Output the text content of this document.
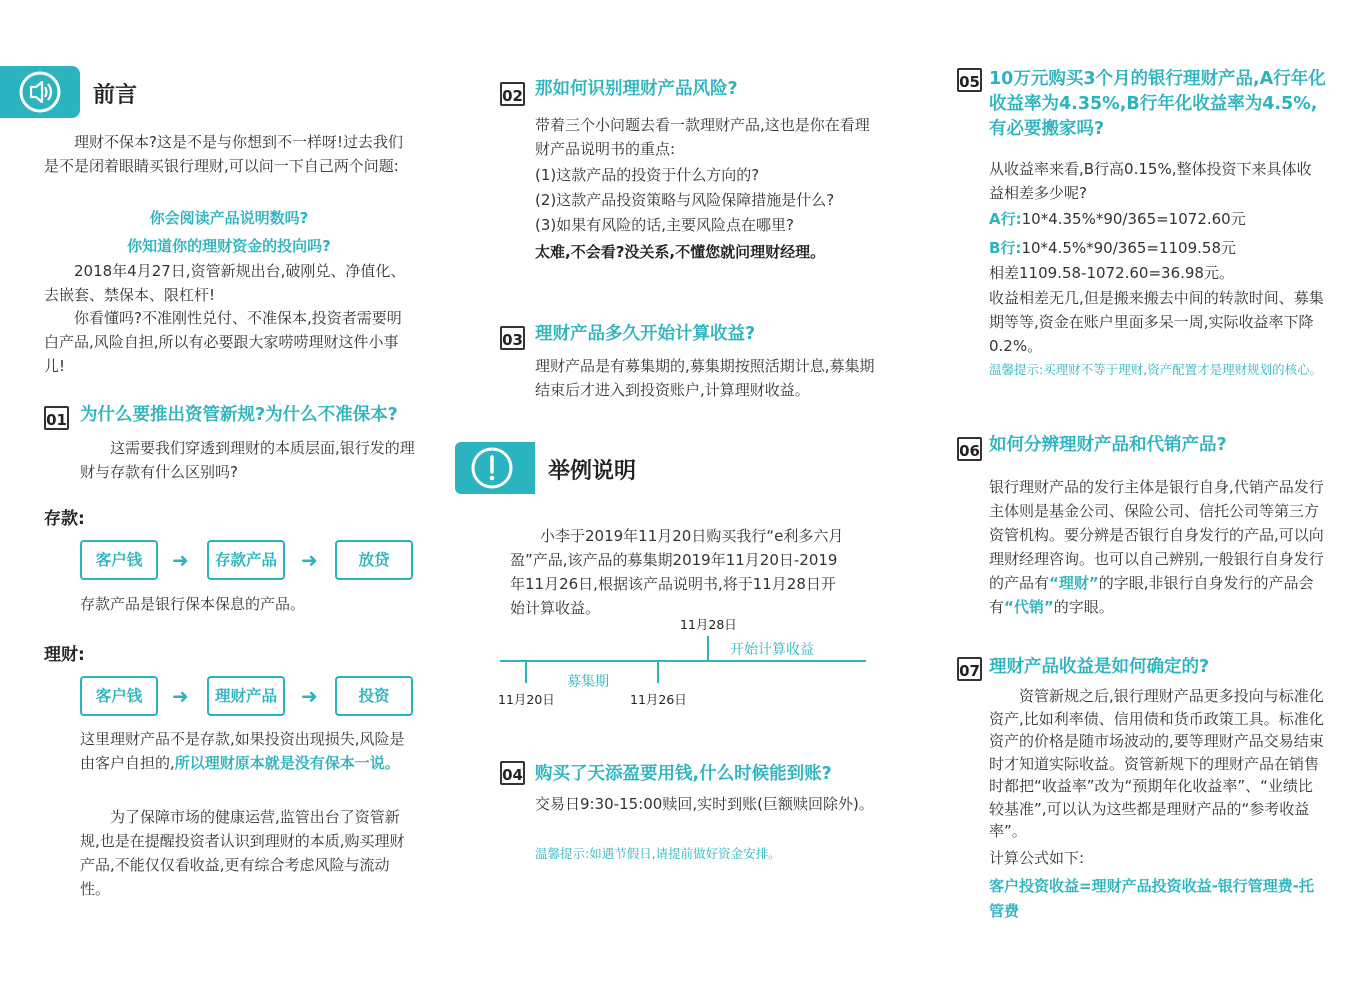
前言

理财不保本?这是不是与你想到不一样呀!过去我们是不是闭着眼睛买银行理财,可以问一下自己两个问题:

你会阅读产品说明数吗?

你知道你的理财资金的投向吗?

2018年4月27日,资管新规出台,破刚兑、净值化、去嵌套、禁保本、限杠杆!

你看懂吗?不准刚性兑付、不准保本,投资者需要明白产品,风险自担,所以有必要跟大家唠唠理财这件小事儿!

01 为什么要推出资管新规?为什么不准保本?

这需要我们穿透到理财的本质层面,银行发的理财与存款有什么区别吗?

存款:
客户钱	➜	存款产品	➜	放贷

存款产品是银行保本保息的产品。

理财:
客户钱	➜	理财产品	➜	投资

这里理财产品不是存款,如果投资出现损失,风险是由客户自担的,所以理财原本就是没有保本一说。

为了保障市场的健康运营,监管出台了资管新规,也是在提醒投资者认识到理财的本质,购买理财产品,不能仅仅看收益,更有综合考虑风险与流动性。

02 那如何识别理财产品风险?

带着三个小问题去看一款理财产品,这也是你在看理财产品说明书的重点:

(1)这款产品的投资于什么方向的?

(2)这款产品投资策略与风险保障措施是什么?

(3)如果有风险的话,主要风险点在哪里?

太难,不会看?没关系,不懂您就问理财经理。

03 理财产品多久开始计算收益?

理财产品是有募集期的,募集期按照活期计息,募集期结束后才进入到投资账户,计算理财收益。

举例说明

小李于2019年11月20日购买我行“e利多六月盈”产品,该产品的募集期2019年11月20日-2019年11月26日,根据该产品说明书,将于11月28日开始计算收益。

11月28日
开始计算收益
募集期
11月20日	11月26日
04 购买了天添盈要用钱,什么时候能到账?

交易日9:30-15:00赎回,实时到账(巨额赎回除外)。

温馨提示:如遇节假日,请提前做好资金安排。

05 10万元购买3个月的银行理财产品,A行年化收益率为4.35%,B行年化收益率为4.5%,有必要搬家吗?

从收益率来看,B行高0.15%,整体投资下来具体收益相差多少呢?

A行:10*4.35%*90/365=1072.60元

B行:10*4.5%*90/365=1109.58元

相差1109.58-1072.60=36.98元。

收益相差无几,但是搬来搬去中间的转款时间、募集期等等,资金在账户里面多呆一周,实际收益率下降0.2%。

温馨提示:买理财不等于理财,资产配置才是理财规划的核心。

06 如何分辨理财产品和代销产品?

银行理财产品的发行主体是银行自身,代销产品发行主体则是基金公司、保险公司、信托公司等第三方资管机构。要分辨是否银行自身发行的产品,可以向理财经理咨询。也可以自己辨别,一般银行自身发行的产品有“理财”的字眼,非银行自身发行的产品会有“代销”的字眼。

07 理财产品收益是如何确定的?

资管新规之后,银行理财产品更多投向与标准化资产,比如利率债、信用债和货币政策工具。标准化资产的价格是随市场波动的,要等理财产品交易结束时才知道实际收益。资管新规下的理财产品在销售时都把“收益率”改为“预期年化收益率”、“业绩比较基准”,可以认为这些都是理财产品的“参考收益率”。

计算公式如下:

客户投资收益=理财产品投资收益-银行管理费-托管费
